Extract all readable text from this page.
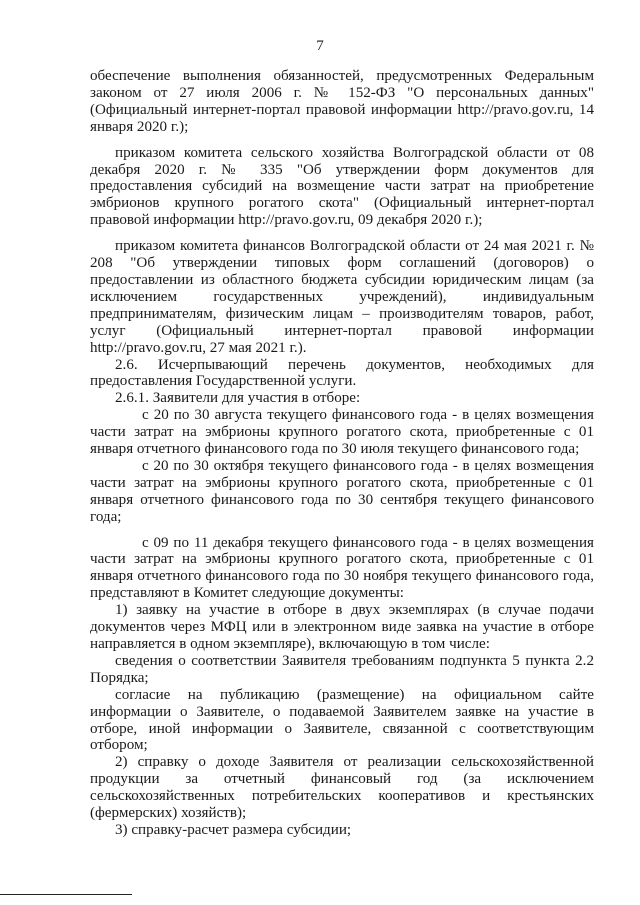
7

обеспечение выполнения обязанностей, предусмотренных Федеральным законом от 27 июля 2006 г. № 152-ФЗ "О персональных данных" (Официальный интернет-портал правовой информации http://pravo.gov.ru, 14 января 2020 г.);

приказом комитета сельского хозяйства Волгоградской области от 08 декабря 2020 г. № 335 "Об утверждении форм документов для предоставления субсидий на возмещение части затрат на приобретение эмбрионов крупного рогатого скота" (Официальный интернет-портал правовой информации http://pravo.gov.ru, 09 декабря 2020 г.);

приказом комитета финансов Волгоградской области от 24 мая 2021 г. № 208 "Об утверждении типовых форм соглашений (договоров) о предоставлении из областного бюджета субсидии юридическим лицам (за исключением государственных учреждений), индивидуальным предпринимателям, физическим лицам – производителям товаров, работ, услуг (Официальный интернет-портал правовой информации http://pravo.gov.ru, 27 мая 2021 г.).

2.6. Исчерпывающий перечень документов, необходимых для предоставления Государственной услуги.

2.6.1. Заявители для участия в отборе:

с 20 по 30 августа текущего финансового года - в целях возмещения части затрат на эмбрионы крупного рогатого скота, приобретенные с 01 января отчетного финансового года по 30 июля текущего финансового года;

с 20 по 30 октября текущего финансового года - в целях возмещения части затрат на эмбрионы крупного рогатого скота, приобретенные с 01 января отчетного финансового года по 30 сентября текущего финансового года;

с 09 по 11 декабря текущего финансового года - в целях возмещения части затрат на эмбрионы крупного рогатого скота, приобретенные с 01 января отчетного финансового года по 30 ноября текущего финансового года, представляют в Комитет следующие документы:

1) заявку на участие в отборе в двух экземплярах (в случае подачи документов через МФЦ или в электронном виде заявка на участие в отборе направляется в одном экземпляре), включающую в том числе:

сведения о соответствии Заявителя требованиям подпункта 5 пункта 2.2 Порядка;

согласие на публикацию (размещение) на официальном сайте информации о Заявителе, о подаваемой Заявителем заявке на участие в отборе, иной информации о Заявителе, связанной с соответствующим отбором;

2) справку о доходе Заявителя от реализации сельскохозяйственной продукции за отчетный финансовый год (за исключением сельскохозяйственных потребительских кооперативов и крестьянских (фермерских) хозяйств);

3) справку-расчет размера субсидии;
